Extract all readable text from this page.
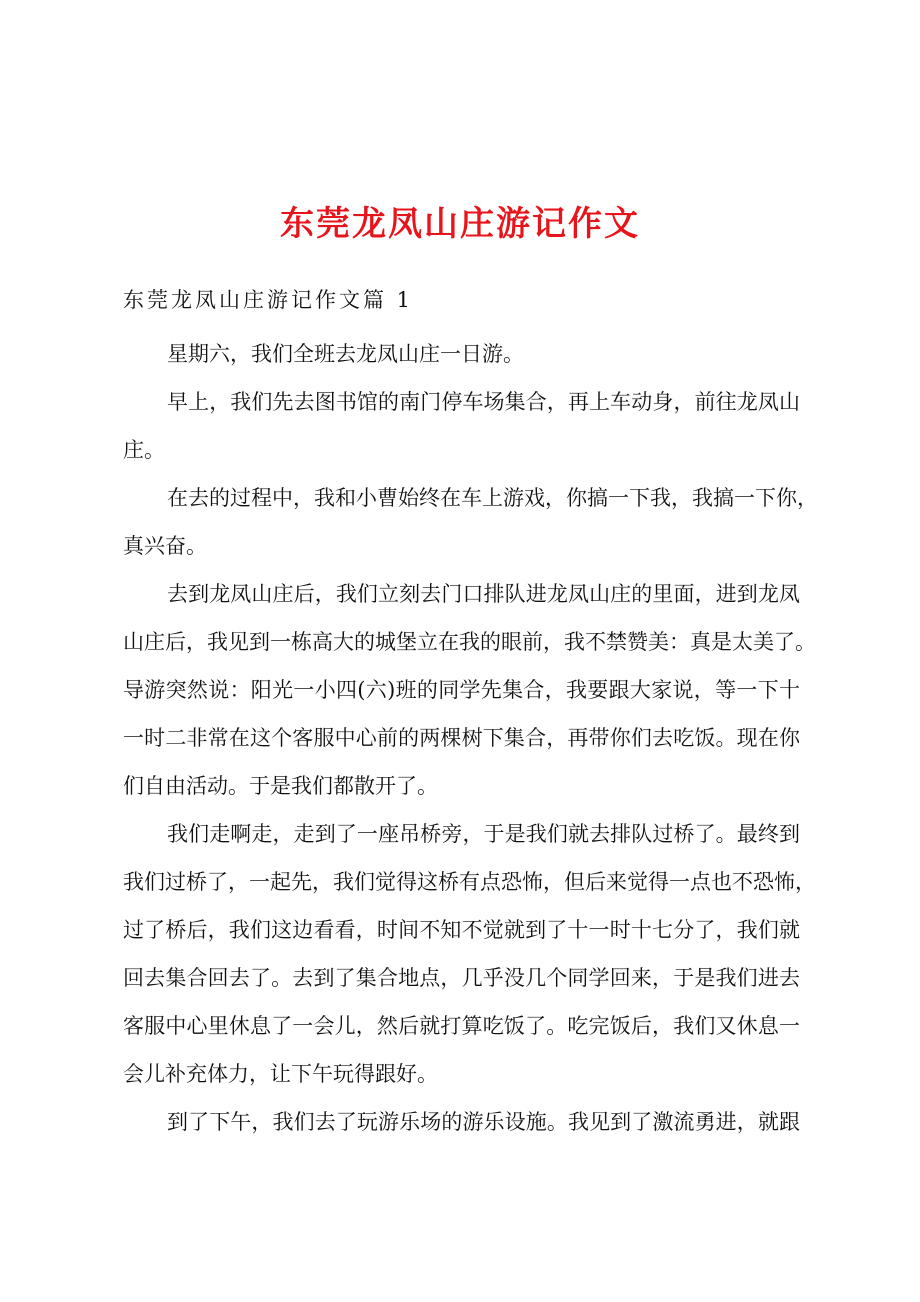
东莞龙凤山庄游记作文
东莞龙凤山庄游记作文篇 1
星期六，我们全班去龙凤山庄一日游。
早上，我们先去图书馆的南门停车场集合，再上车动身，前往龙凤山
庄。
在去的过程中，我和小曹始终在车上游戏，你搞一下我，我搞一下你，
真兴奋。
去到龙凤山庄后，我们立刻去门口排队进龙凤山庄的里面，进到龙凤
山庄后，我见到一栋高大的城堡立在我的眼前，我不禁赞美：真是太美了。
导游突然说：阳光一小四(六)班的同学先集合，我要跟大家说，等一下十
一时二非常在这个客服中心前的两棵树下集合，再带你们去吃饭。现在你
们自由活动。于是我们都散开了。
我们走啊走，走到了一座吊桥旁，于是我们就去排队过桥了。最终到
我们过桥了，一起先，我们觉得这桥有点恐怖，但后来觉得一点也不恐怖，
过了桥后，我们这边看看，时间不知不觉就到了十一时十七分了，我们就
回去集合回去了。去到了集合地点，几乎没几个同学回来，于是我们进去
客服中心里休息了一会儿，然后就打算吃饭了。吃完饭后，我们又休息一
会儿补充体力，让下午玩得跟好。
到了下午，我们去了玩游乐场的游乐设施。我见到了激流勇进，就跟
